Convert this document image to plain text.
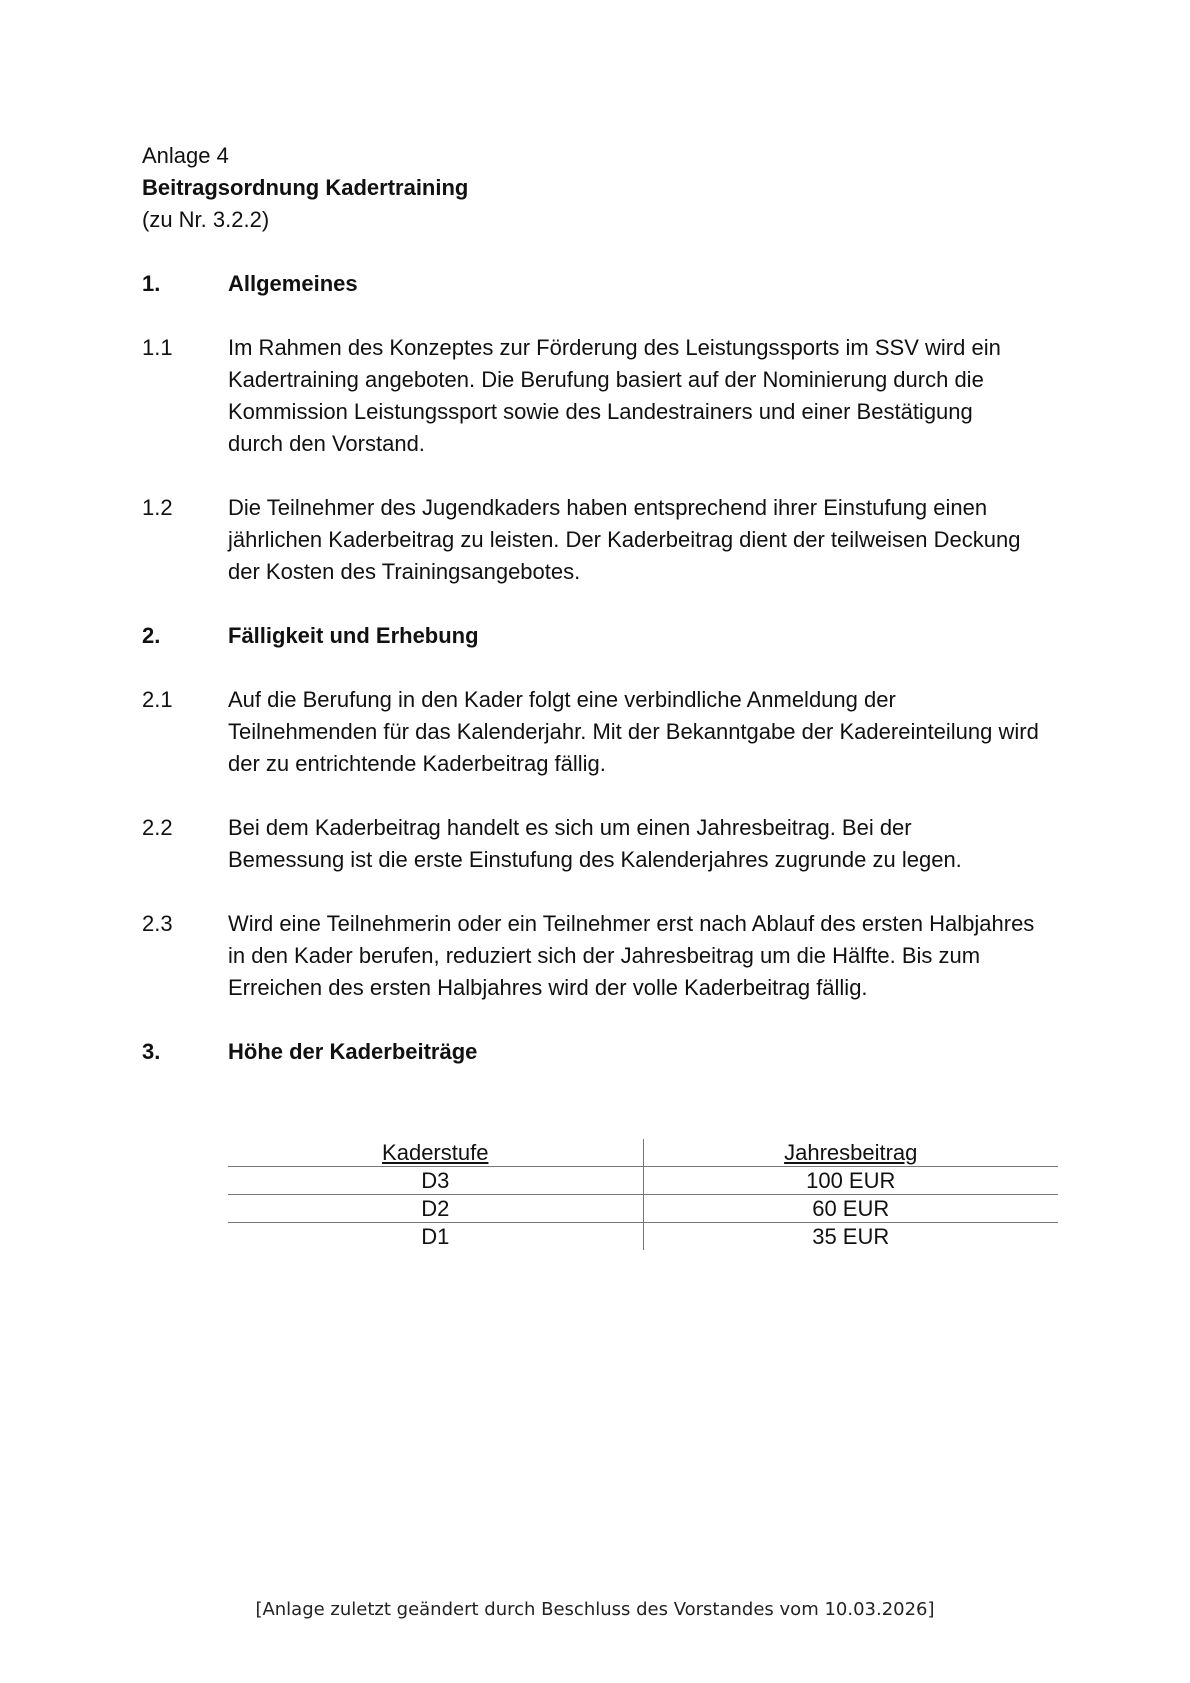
Anlage 4
Beitragsordnung Kadertraining
(zu Nr. 3.2.2)
1.	Allgemeines
1.1	Im Rahmen des Konzeptes zur Förderung des Leistungssports im SSV wird ein Kadertraining angeboten. Die Berufung basiert auf der Nominierung durch die Kommission Leistungssport sowie des Landestrainers und einer Bestätigung durch den Vorstand.
1.2	Die Teilnehmer des Jugendkaders haben entsprechend ihrer Einstufung einen jährlichen Kaderbeitrag zu leisten. Der Kaderbeitrag dient der teilweisen Deckung der Kosten des Trainingsangebotes.
2.	Fälligkeit und Erhebung
2.1	Auf die Berufung in den Kader folgt eine verbindliche Anmeldung der Teilnehmenden für das Kalenderjahr. Mit der Bekanntgabe der Kadereinteilung wird der zu entrichtende Kaderbeitrag fällig.
2.2	Bei dem Kaderbeitrag handelt es sich um einen Jahresbeitrag. Bei der Bemessung ist die erste Einstufung des Kalenderjahres zugrunde zu legen.
2.3	Wird eine Teilnehmerin oder ein Teilnehmer erst nach Ablauf des ersten Halbjahres in den Kader berufen, reduziert sich der Jahresbeitrag um die Hälfte. Bis zum Erreichen des ersten Halbjahres wird der volle Kaderbeitrag fällig.
3.	Höhe der Kaderbeiträge
Kaderstufe	Jahresbeitrag
D3	100 EUR
D2	60 EUR
D1	35 EUR
[Anlage zuletzt geändert durch Beschluss des Vorstandes vom 10.03.2026]
